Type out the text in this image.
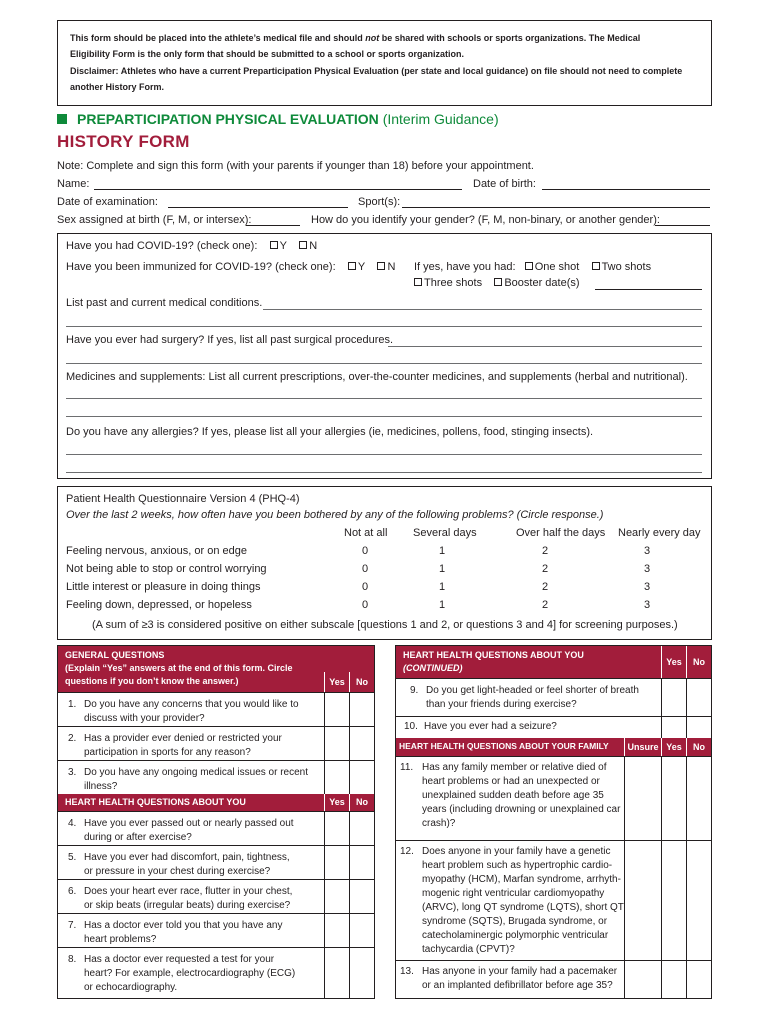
This form should be placed into the athlete’s medical file and should not be shared with schools or sports organizations. The Medical

Eligibility Form is the only form that should be submitted to a school or sports organization.

Disclaimer: Athletes who have a current Preparticipation Physical Evaluation (per state and local guidance) on file should not need to complete

another History Form.

PREPARTICIPATION PHYSICAL EVALUATION (Interim Guidance)
HISTORY FORM
Note: Complete and sign this form (with your parents if younger than 18) before your appointment.
Name:	Date of birth:
Date of examination:	Sport(s):
Sex assigned at birth (F, M, or intersex):	How do you identify your gender? (F, M, non-binary, or another gender):
Have you had COVID-19? (check one): Y N
Have you been immunized for COVID-19? (check one): Y N If yes, have you had: One shot Two shots
Three shots Booster date(s)
List past and current medical conditions.
Have you ever had surgery? If yes, list all past surgical procedures.
Medicines and supplements: List all current prescriptions, over-the-counter medicines, and supplements (herbal and nutritional).
Do you have any allergies? If yes, please list all your allergies (ie, medicines, pollens, food, stinging insects).
Patient Health Questionnaire Version 4 (PHQ-4)
Over the last 2 weeks, how often have you been bothered by any of the following problems? (Circle response.)
Not at all Several days	Over half the days Nearly every day
Feeling nervous, anxious, or on edge	0	1	2	3
Not being able to stop or control worrying	0	1	2	3
Little interest or pleasure in doing things	0	1	2	3
Feeling down, depressed, or hopeless	0	1	2	3
(A sum of ≥3 is considered positive on either subscale [questions 1 and 2, or questions 3 and 4] for screening purposes.)
GENERAL QUESTIONS
(Explain “Yes” answers at the end of this form. Circle
questions if you don’t know the answer.)	Yes	No
1. Do you have any concerns that you would like to
discuss with your provider?
2. Has a provider ever denied or restricted your
participation in sports for any reason?
3. Do you have any ongoing medical issues or recent
illness?
HEART HEALTH QUESTIONS ABOUT YOU	Yes	No
4. Have you ever passed out or nearly passed out
during or after exercise?
5. Have you ever had discomfort, pain, tightness,
or pressure in your chest during exercise?
6. Does your heart ever race, flutter in your chest,
or skip beats (irregular beats) during exercise?
7. Has a doctor ever told you that you have any
heart problems?
8. Has a doctor ever requested a test for your
heart? For example, electrocardiography (ECG)
or echocardiography.
HEART HEALTH QUESTIONS ABOUT YOU
(CONTINUED)
Yes	No
9. Do you get light-headed or feel shorter of breath
than your friends during exercise?
10. Have you ever had a seizure?
HEART HEALTH QUESTIONS ABOUT YOUR FAMILY	Unsure Yes	No
11. Has any family member or relative died of
heart problems or had an unexpected or
unexplained sudden death before age 35
years (including drowning or unexplained car
crash)?
12. Does anyone in your family have a genetic
heart problem such as hypertrophic cardio-
myopathy (HCM), Marfan syndrome, arrhyth-
mogenic right ventricular cardiomyopathy
(ARVC), long QT syndrome (LQTS), short QT
syndrome (SQTS), Brugada syndrome, or
catecholaminergic polymorphic ventricular
tachycardia (CPVT)?
13. Has anyone in your family had a pacemaker
or an implanted defibrillator before age 35?
